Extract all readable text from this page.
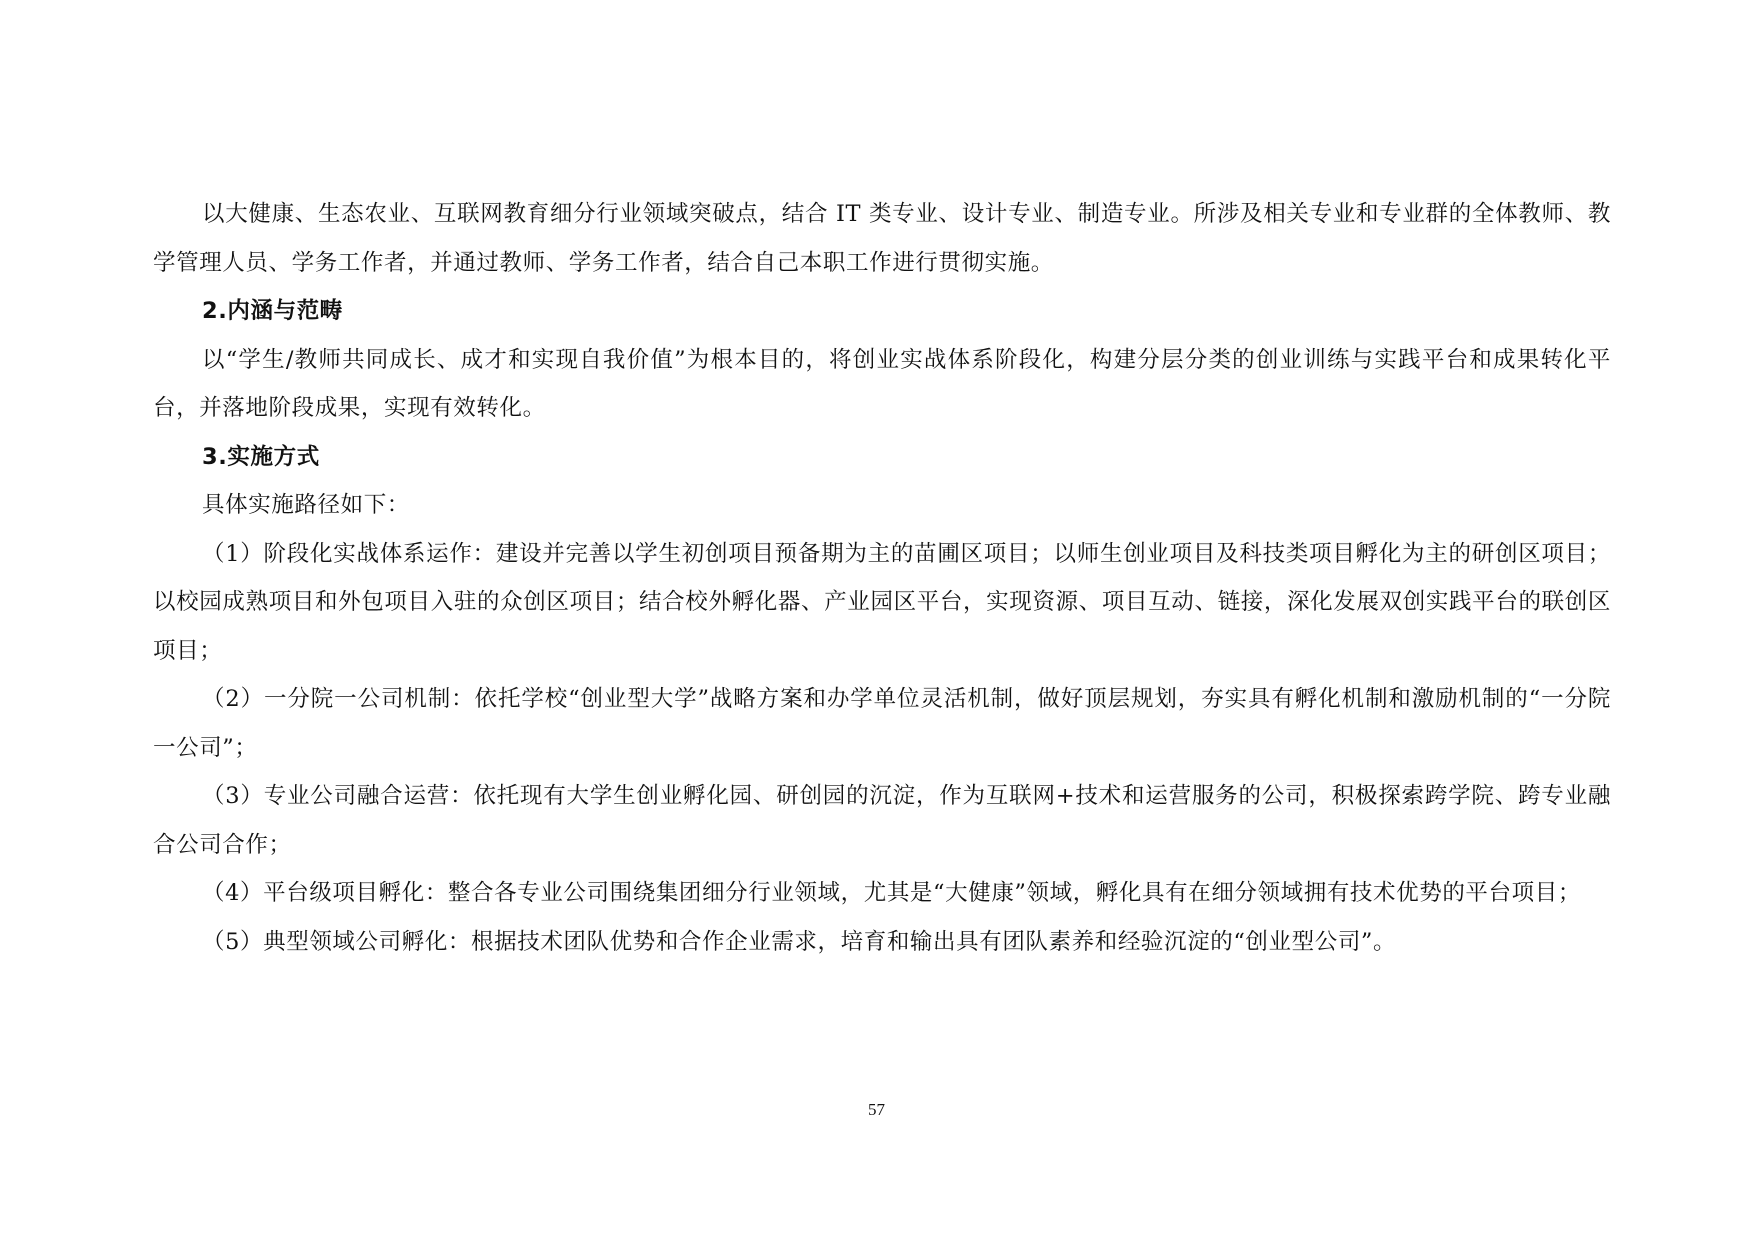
以大健康、生态农业、互联网教育细分行业领域突破点，结合 IT 类专业、设计专业、制造专业。所涉及相关专业和专业群的全体教师、教学管理人员、学务工作者，并通过教师、学务工作者，结合自己本职工作进行贯彻实施。

2.内涵与范畴

以“学生/教师共同成长、成才和实现自我价值”为根本目的，将创业实战体系阶段化，构建分层分类的创业训练与实践平台和成果转化平台，并落地阶段成果，实现有效转化。

3.实施方式

具体实施路径如下：

（1）阶段化实战体系运作：建设并完善以学生初创项目预备期为主的苗圃区项目；以师生创业项目及科技类项目孵化为主的研创区项目；以校园成熟项目和外包项目入驻的众创区项目；结合校外孵化器、产业园区平台，实现资源、项目互动、链接，深化发展双创实践平台的联创区项目；

（2）一分院一公司机制：依托学校“创业型大学”战略方案和办学单位灵活机制，做好顶层规划，夯实具有孵化机制和激励机制的“一分院一公司”；

（3）专业公司融合运营：依托现有大学生创业孵化园、研创园的沉淀，作为互联网+技术和运营服务的公司，积极探索跨学院、跨专业融合公司合作；

（4）平台级项目孵化：整合各专业公司围绕集团细分行业领域，尤其是“大健康”领域，孵化具有在细分领域拥有技术优势的平台项目；

（5）典型领域公司孵化：根据技术团队优势和合作企业需求，培育和输出具有团队素养和经验沉淀的“创业型公司”。

57
